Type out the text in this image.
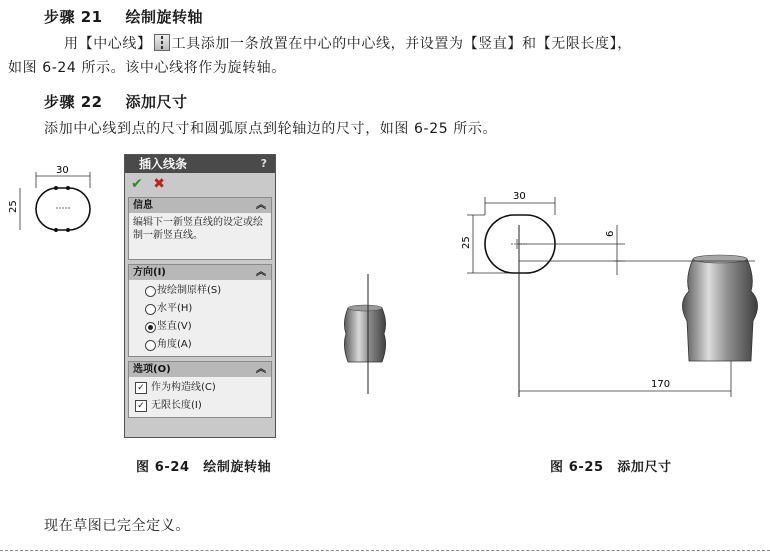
步骤 21 绘制旋转轴
用【中心线】 工具添加一条放置在中心的中心线，并设置为【竖直】和【无限长度】，
如图 6-24 所示。该中心线将作为旋转轴。
步骤 22 添加尺寸
添加中心线到点的尺寸和圆弧原点到轮轴边的尺寸，如图 6-25 所示。
30
25
插入线条	?
✔ ✖
信息	︽
编辑下一新竖直线的设定或绘制一新竖直线。
方向(I)	︽
按绘制原样(S)
水平(H)
竖直(V)
角度(A)
选项(O)	︽
✓ 作为构造线(C)
✓ 无限长度(I)
30
25
6
170
图 6-24　绘制旋转轴	图 6-25　添加尺寸
现在草图已完全定义。
